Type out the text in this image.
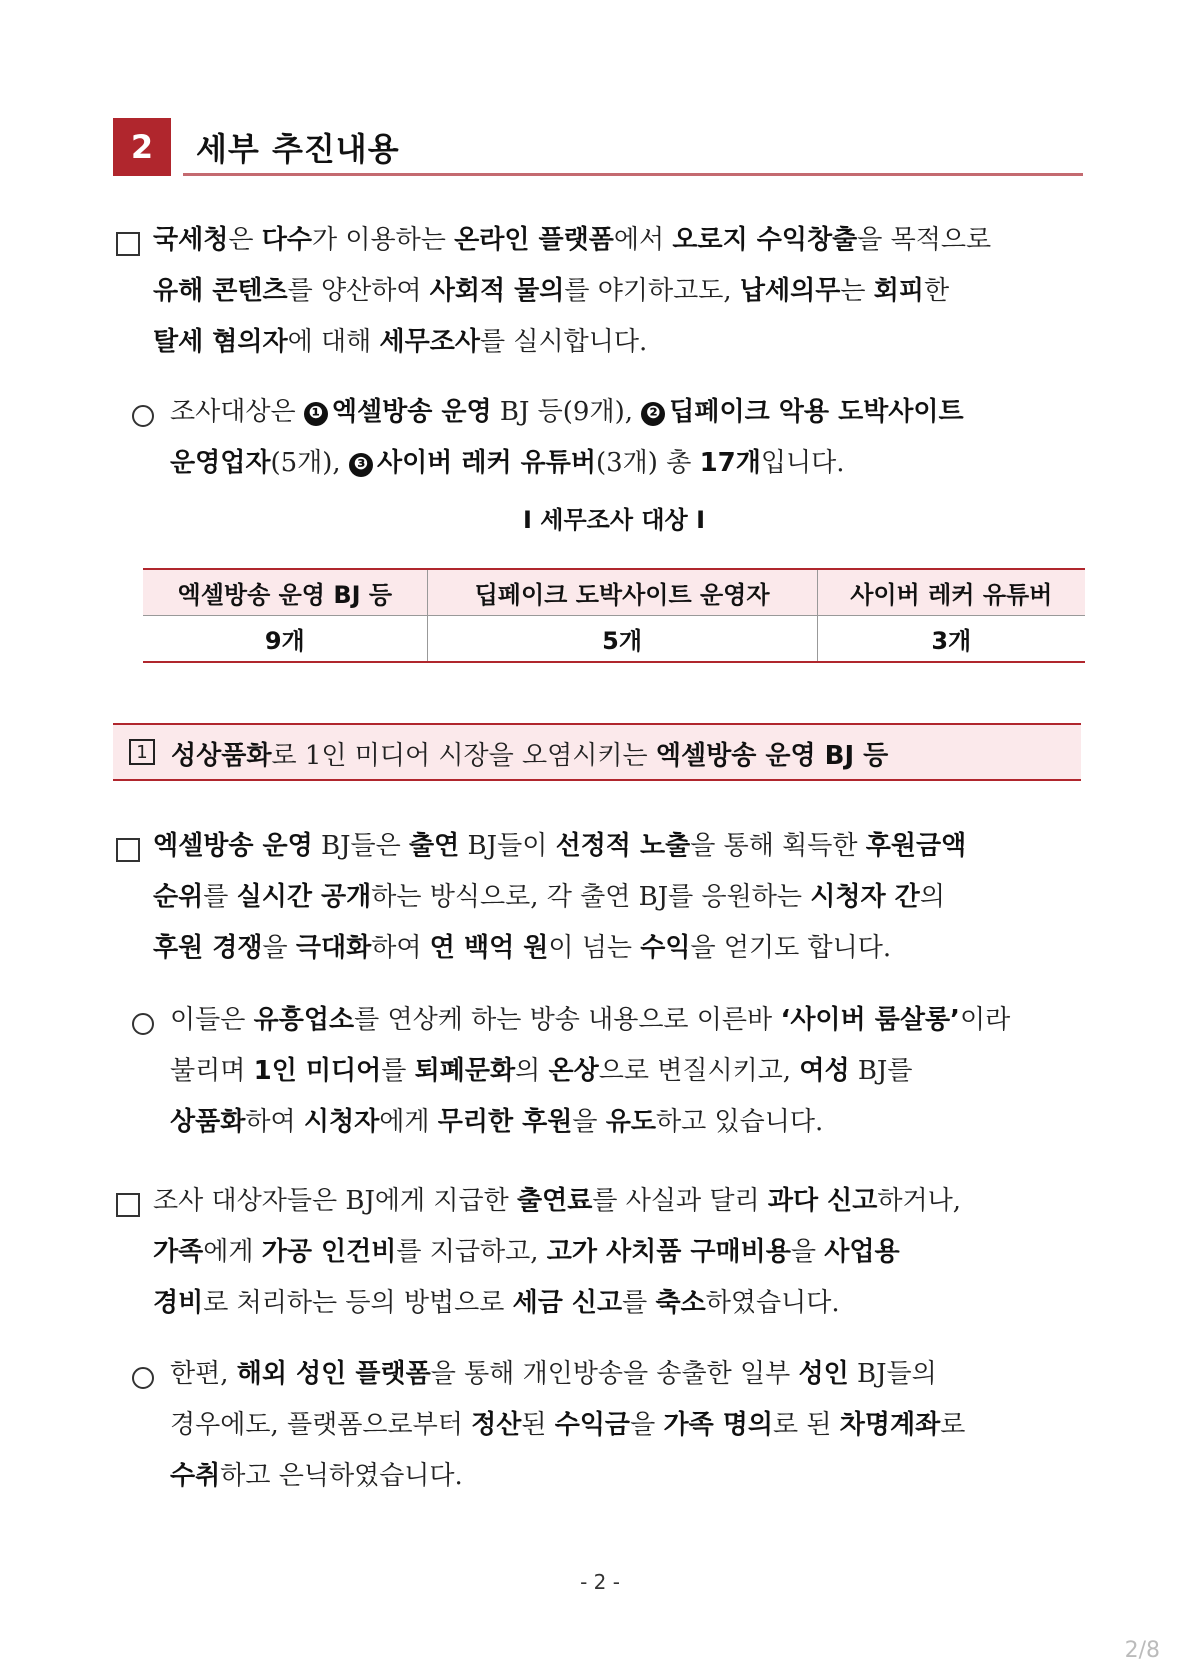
2	세부 추진내용
국세청은 다수가 이용하는 온라인 플랫폼에서 오로지 수익창출을 목적으로
유해 콘텐츠를 양산하여 사회적 물의를 야기하고도, 납세의무는 회피한
탈세 혐의자에 대해 세무조사를 실시합니다.
조사대상은 ❶ 엑셀방송 운영 BJ 등(9개), ❷ 딥페이크 악용 도박사이트
운영업자(5개), ❸ 사이버 레커 유튜버(3개) 총 17개입니다.
I 세무조사 대상 I
엑셀방송 운영 BJ 등	딥페이크 도박사이트 운영자	사이버 레커 유튜버
9개	5개	3개
1 성상품화로 1인 미디어 시장을 오염시키는 엑셀방송 운영 BJ 등
엑셀방송 운영 BJ들은 출연 BJ들이 선정적 노출을 통해 획득한 후원금액
순위를 실시간 공개하는 방식으로, 각 출연 BJ를 응원하는 시청자 간의
후원 경쟁을 극대화하여 연 백억 원이 넘는 수익을 얻기도 합니다.
이들은 유흥업소를 연상케 하는 방송 내용으로 이른바 ‘사이버 룸살롱’이라
불리며 1인 미디어를 퇴폐문화의 온상으로 변질시키고, 여성 BJ를
상품화하여 시청자에게 무리한 후원을 유도하고 있습니다.
조사 대상자들은 BJ에게 지급한 출연료를 사실과 달리 과다 신고하거나,
가족에게 가공 인건비를 지급하고, 고가 사치품 구매비용을 사업용
경비로 처리하는 등의 방법으로 세금 신고를 축소하였습니다.
한편, 해외 성인 플랫폼을 통해 개인방송을 송출한 일부 성인 BJ들의
경우에도, 플랫폼으로부터 정산된 수익금을 가족 명의로 된 차명계좌로
수취하고 은닉하였습니다.
- 2 -
2/8
